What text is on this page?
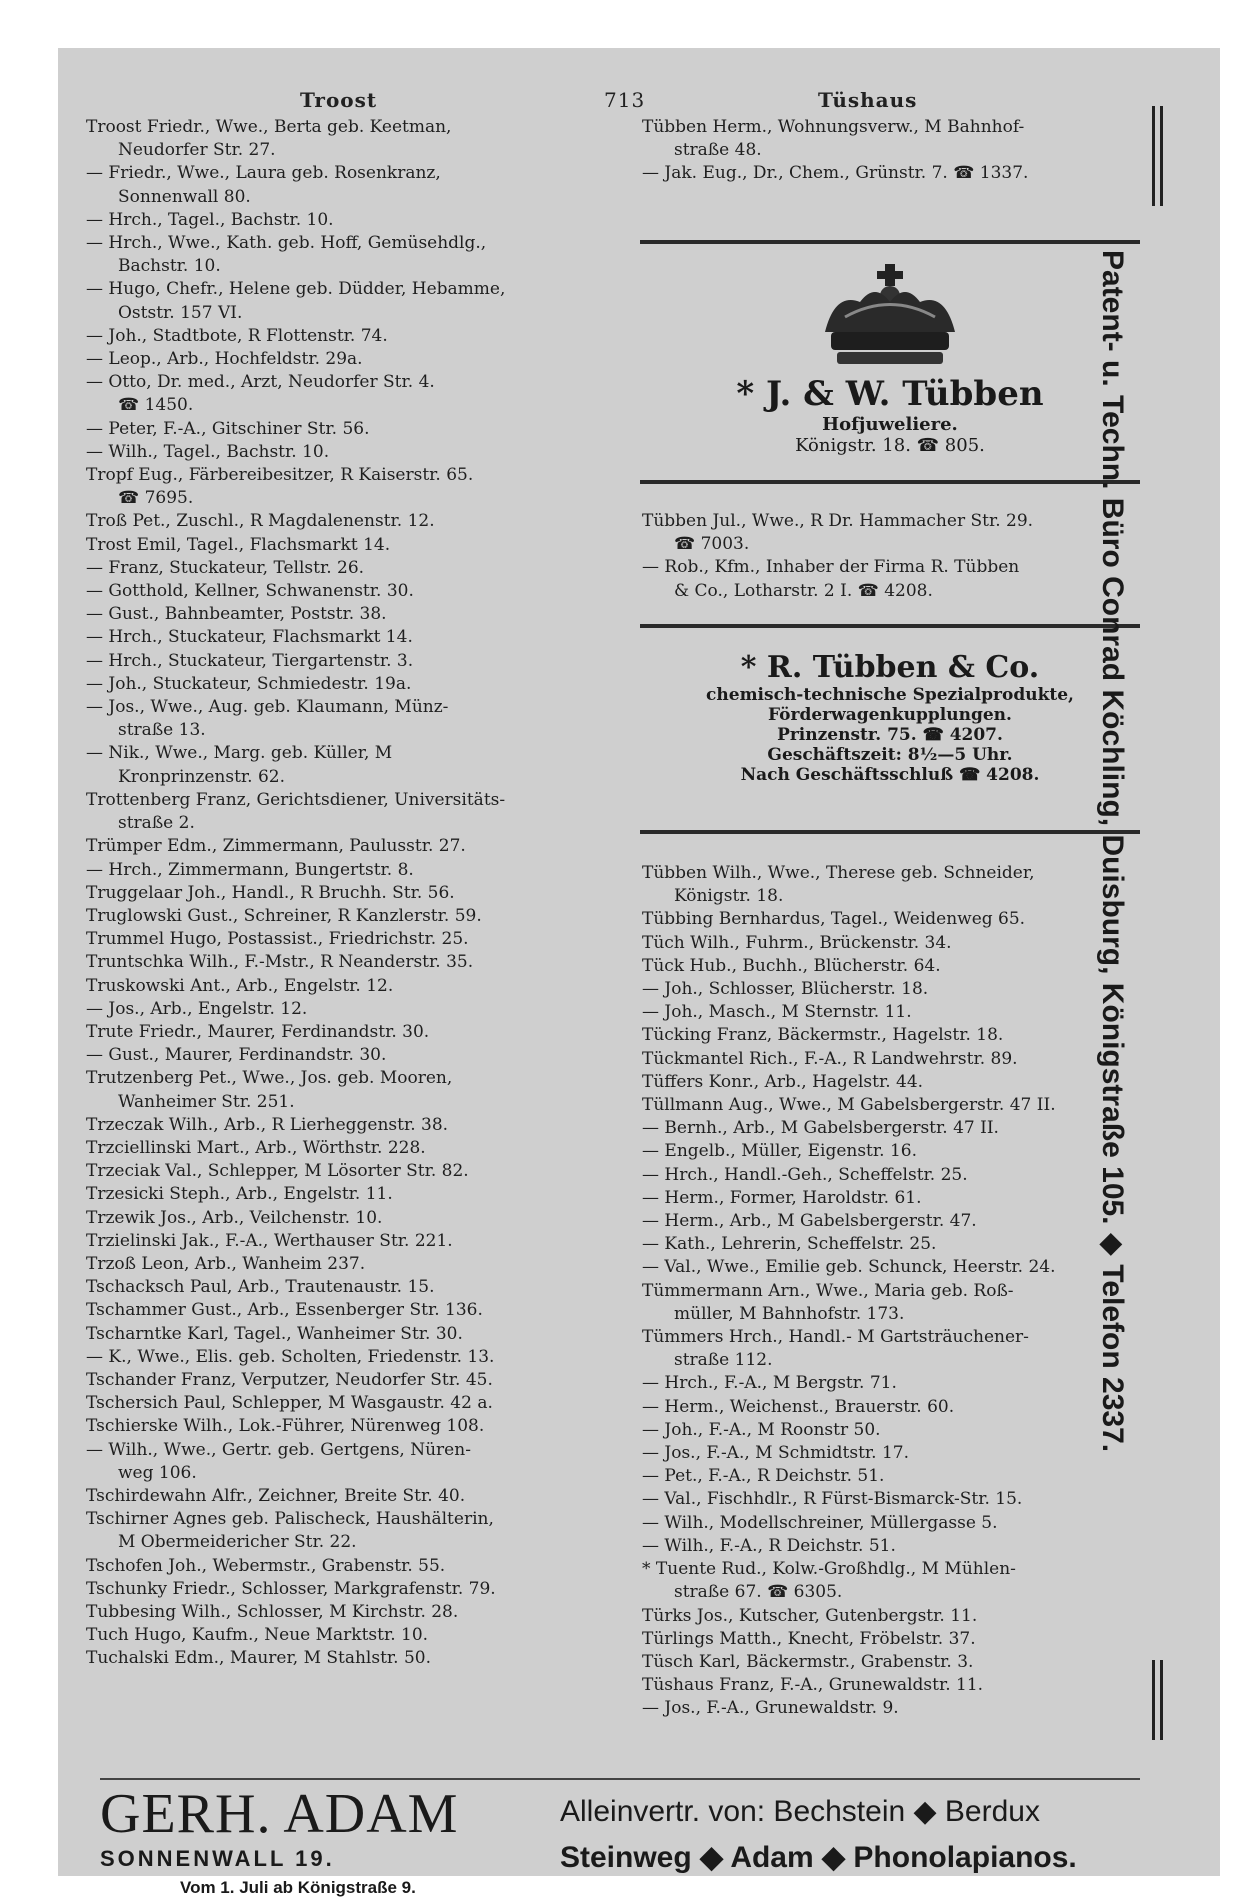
Troost	713	Tüshaus
Troost Friedr., Wwe., Berta geb. Keetman,
Neudorfer Str. 27.
— Friedr., Wwe., Laura geb. Rosenkranz,
Sonnenwall 80.
— Hrch., Tagel., Bachstr. 10.
— Hrch., Wwe., Kath. geb. Hoff, Gemüsehdlg.,
Bachstr. 10.
— Hugo, Chefr., Helene geb. Düdder, Hebamme,
Oststr. 157 VI.
— Joh., Stadtbote, R Flottenstr. 74.
— Leop., Arb., Hochfeldstr. 29a.
— Otto, Dr. med., Arzt, Neudorfer Str. 4.
☎ 1450.
— Peter, F.-A., Gitschiner Str. 56.
— Wilh., Tagel., Bachstr. 10.
Tropf Eug., Färbereibesitzer, R Kaiserstr. 65.
☎ 7695.
Troß Pet., Zuschl., R Magdalenenstr. 12.
Trost Emil, Tagel., Flachsmarkt 14.
— Franz, Stuckateur, Tellstr. 26.
— Gotthold, Kellner, Schwanenstr. 30.
— Gust., Bahnbeamter, Poststr. 38.
— Hrch., Stuckateur, Flachsmarkt 14.
— Hrch., Stuckateur, Tiergartenstr. 3.
— Joh., Stuckateur, Schmiedestr. 19a.
— Jos., Wwe., Aug. geb. Klaumann, Münz-
straße 13.
— Nik., Wwe., Marg. geb. Küller, M
Kronprinzenstr. 62.
Trottenberg Franz, Gerichtsdiener, Universitäts-
straße 2.
Trümper Edm., Zimmermann, Paulusstr. 27.
— Hrch., Zimmermann, Bungertstr. 8.
Truggelaar Joh., Handl., R Bruchh. Str. 56.
Truglowski Gust., Schreiner, R Kanzlerstr. 59.
Trummel Hugo, Postassist., Friedrichstr. 25.
Truntschka Wilh., F.-Mstr., R Neanderstr. 35.
Truskowski Ant., Arb., Engelstr. 12.
— Jos., Arb., Engelstr. 12.
Trute Friedr., Maurer, Ferdinandstr. 30.
— Gust., Maurer, Ferdinandstr. 30.
Trutzenberg Pet., Wwe., Jos. geb. Mooren,
Wanheimer Str. 251.
Trzeczak Wilh., Arb., R Lierheggenstr. 38.
Trzciellinski Mart., Arb., Wörthstr. 228.
Trzeciak Val., Schlepper, M Lösorter Str. 82.
Trzesicki Steph., Arb., Engelstr. 11.
Trzewik Jos., Arb., Veilchenstr. 10.
Trzielinski Jak., F.-A., Werthauser Str. 221.
Trzoß Leon, Arb., Wanheim 237.
Tschacksch Paul, Arb., Trautenaustr. 15.
Tschammer Gust., Arb., Essenberger Str. 136.
Tscharntke Karl, Tagel., Wanheimer Str. 30.
— K., Wwe., Elis. geb. Scholten, Friedenstr. 13.
Tschander Franz, Verputzer, Neudorfer Str. 45.
Tschersich Paul, Schlepper, M Wasgaustr. 42 a.
Tschierske Wilh., Lok.-Führer, Nürenweg 108.
— Wilh., Wwe., Gertr. geb. Gertgens, Nüren-
weg 106.
Tschirdewahn Alfr., Zeichner, Breite Str. 40.
Tschirner Agnes geb. Palischeck, Haushälterin,
M Obermeidericher Str. 22.
Tschofen Joh., Webermstr., Grabenstr. 55.
Tschunky Friedr., Schlosser, Markgrafenstr. 79.
Tubbesing Wilh., Schlosser, M Kirchstr. 28.
Tuch Hugo, Kaufm., Neue Marktstr. 10.
Tuchalski Edm., Maurer, M Stahlstr. 50.
Tübben Herm., Wohnungsverw., M Bahnhof-
straße 48.
— Jak. Eug., Dr., Chem., Grünstr. 7. ☎ 1337.
* J. & W. Tübben
Hofjuweliere.
Königstr. 18. ☎ 805.
Tübben Jul., Wwe., R Dr. Hammacher Str. 29.
☎ 7003.
— Rob., Kfm., Inhaber der Firma R. Tübben
& Co., Lotharstr. 2 I. ☎ 4208.
* R. Tübben & Co.
chemisch-technische Spezialprodukte,
Förderwagenkupplungen.
Prinzenstr. 75. ☎ 4207.
Geschäftszeit: 8½—5 Uhr.
Nach Geschäftsschluß ☎ 4208.
Tübben Wilh., Wwe., Therese geb. Schneider,
Königstr. 18.
Tübbing Bernhardus, Tagel., Weidenweg 65.
Tüch Wilh., Fuhrm., Brückenstr. 34.
Tück Hub., Buchh., Blücherstr. 64.
— Joh., Schlosser, Blücherstr. 18.
— Joh., Masch., M Sternstr. 11.
Tücking Franz, Bäckermstr., Hagelstr. 18.
Tückmantel Rich., F.-A., R Landwehrstr. 89.
Tüffers Konr., Arb., Hagelstr. 44.
Tüllmann Aug., Wwe., M Gabelsbergerstr. 47 II.
— Bernh., Arb., M Gabelsbergerstr. 47 II.
— Engelb., Müller, Eigenstr. 16.
— Hrch., Handl.-Geh., Scheffelstr. 25.
— Herm., Former, Haroldstr. 61.
— Herm., Arb., M Gabelsbergerstr. 47.
— Kath., Lehrerin, Scheffelstr. 25.
— Val., Wwe., Emilie geb. Schunck, Heerstr. 24.
Tümmermann Arn., Wwe., Maria geb. Roß-
müller, M Bahnhofstr. 173.
Tümmers Hrch., Handl.- M Gartsträuchener-
straße 112.
— Hrch., F.-A., M Bergstr. 71.
— Herm., Weichenst., Brauerstr. 60.
— Joh., F.-A., M Roonstr 50.
— Jos., F.-A., M Schmidtstr. 17.
— Pet., F.-A., R Deichstr. 51.
— Val., Fischhdlr., R Fürst-Bismarck-Str. 15.
— Wilh., Modellschreiner, Müllergasse 5.
— Wilh., F.-A., R Deichstr. 51.
* Tuente Rud., Kolw.-Großhdlg., M Mühlen-
straße 67. ☎ 6305.
Türks Jos., Kutscher, Gutenbergstr. 11.
Türlings Matth., Knecht, Fröbelstr. 37.
Tüsch Karl, Bäckermstr., Grabenstr. 3.
Tüshaus Franz, F.-A., Grunewaldstr. 11.
— Jos., F.-A., Grunewaldstr. 9.
Patent- u. Techn. Büro Conrad Köchling, Duisburg, Königstraße 105. ◆ Telefon 2337.
GERH. ADAM
SONNENWALL 19.
Vom 1. Juli ab Königstraße 9.
Alleinvertr. von: Bechstein ◆ Berdux
Steinweg ◆ Adam ◆ Phonolapianos.
